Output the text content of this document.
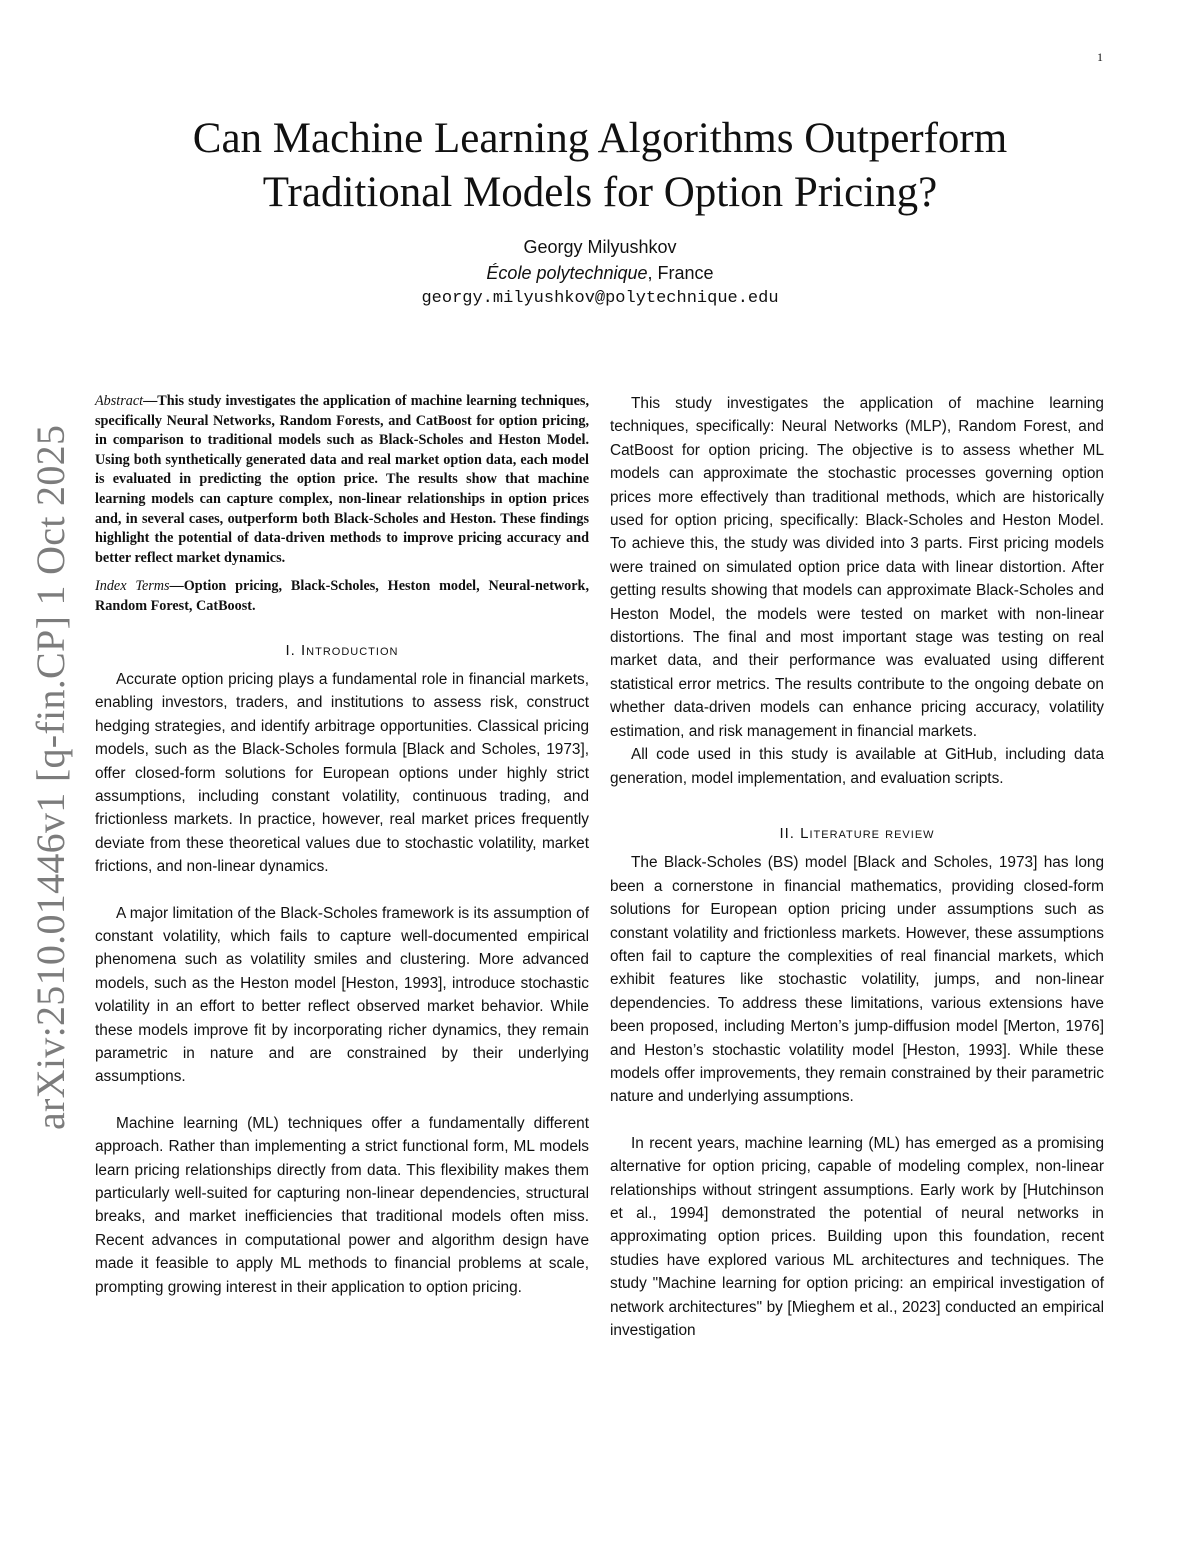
1
arXiv:2510.01446v1 [q-fin.CP] 1 Oct 2025
Can Machine Learning Algorithms Outperform Traditional Models for Option Pricing?
Georgy Milyushkov
École polytechnique, France
georgy.milyushkov@polytechnique.edu

Abstract—This study investigates the application of machine learning techniques, specifically Neural Networks, Random Forests, and CatBoost for option pricing, in comparison to traditional models such as Black-Scholes and Heston Model. Using both synthetically generated data and real market option data, each model is evaluated in predicting the option price. The results show that machine learning models can capture complex, non-linear relationships in option prices and, in several cases, outperform both Black-Scholes and Heston. These findings highlight the potential of data-driven methods to improve pricing accuracy and better reflect market dynamics.

Index Terms—Option pricing, Black-Scholes, Heston model, Neural-network, Random Forest, CatBoost.

I. Introduction

Accurate option pricing plays a fundamental role in financial markets, enabling investors, traders, and institutions to assess risk, construct hedging strategies, and identify arbitrage opportunities. Classical pricing models, such as the Black-Scholes formula [Black and Scholes, 1973], offer closed-form solutions for European options under highly strict assumptions, including constant volatility, continuous trading, and frictionless markets. In practice, however, real market prices frequently deviate from these theoretical values due to stochastic volatility, market frictions, and non-linear dynamics.

A major limitation of the Black-Scholes framework is its assumption of constant volatility, which fails to capture well-documented empirical phenomena such as volatility smiles and clustering. More advanced models, such as the Heston model [Heston, 1993], introduce stochastic volatility in an effort to better reflect observed market behavior. While these models improve fit by incorporating richer dynamics, they remain parametric in nature and are constrained by their underlying assumptions.

Machine learning (ML) techniques offer a fundamentally different approach. Rather than implementing a strict functional form, ML models learn pricing relationships directly from data. This flexibility makes them particularly well-suited for capturing non-linear dependencies, structural breaks, and market inefficiencies that traditional models often miss. Recent advances in computational power and algorithm design have made it feasible to apply ML methods to financial problems at scale, prompting growing interest in their application to option pricing.

This study investigates the application of machine learning techniques, specifically: Neural Networks (MLP), Random Forest, and CatBoost for option pricing. The objective is to assess whether ML models can approximate the stochastic processes governing option prices more effectively than traditional methods, which are historically used for option pricing, specifically: Black-Scholes and Heston Model. To achieve this, the study was divided into 3 parts. First pricing models were trained on simulated option price data with linear distortion. After getting results showing that models can approximate Black-Scholes and Heston Model, the models were tested on market with non-linear distortions. The final and most important stage was testing on real market data, and their performance was evaluated using different statistical error metrics. The results contribute to the ongoing debate on whether data-driven models can enhance pricing accuracy, volatility estimation, and risk management in financial markets.

All code used in this study is available at GitHub, including data generation, model implementation, and evaluation scripts.

II. Literature review

The Black-Scholes (BS) model [Black and Scholes, 1973] has long been a cornerstone in financial mathematics, providing closed-form solutions for European option pricing under assumptions such as constant volatility and frictionless markets. However, these assumptions often fail to capture the complexities of real financial markets, which exhibit features like stochastic volatility, jumps, and non-linear dependencies. To address these limitations, various extensions have been proposed, including Merton’s jump-diffusion model [Merton, 1976] and Heston’s stochastic volatility model [Heston, 1993]. While these models offer improvements, they remain constrained by their parametric nature and underlying assumptions.

In recent years, machine learning (ML) has emerged as a promising alternative for option pricing, capable of modeling complex, non-linear relationships without stringent assumptions. Early work by [Hutchinson et al., 1994] demonstrated the potential of neural networks in approximating option prices. Building upon this foundation, recent studies have explored various ML architectures and techniques. The study "Machine learning for option pricing: an empirical investigation of network architectures" by [Mieghem et al., 2023] conducted an empirical investigation
